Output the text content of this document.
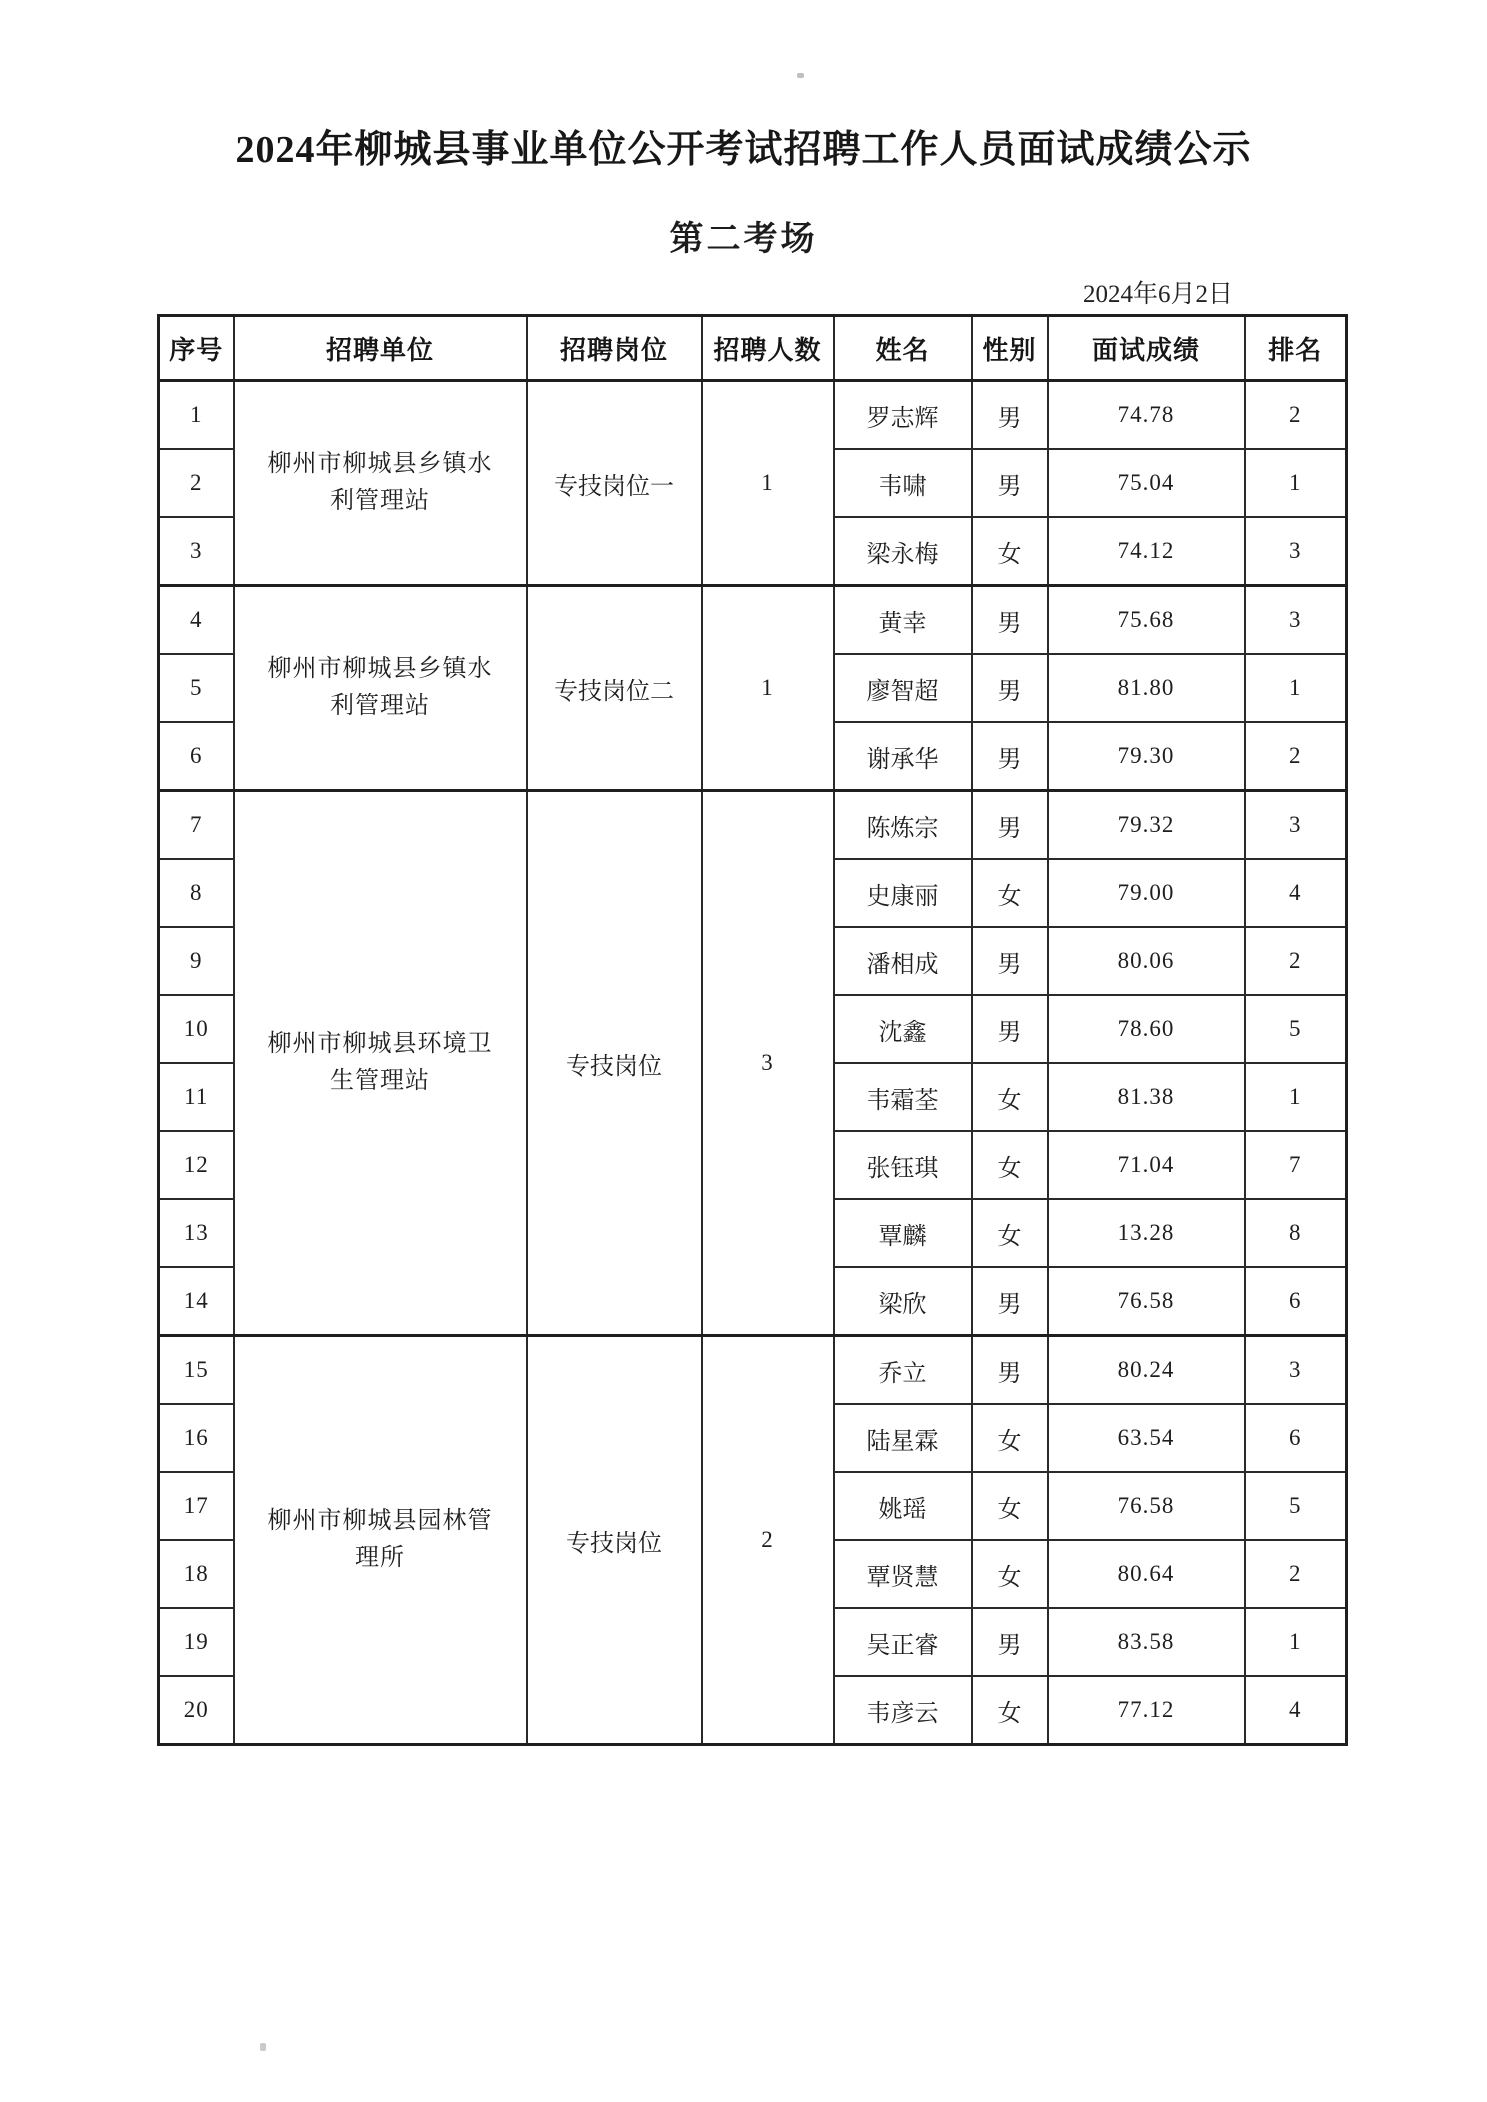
2024年柳城县事业单位公开考试招聘工作人员面试成绩公示
第二考场
2024年6月2日
序号	招聘单位	招聘岗位	招聘人数	姓名	性别	面试成绩	排名
1	柳州市柳城县乡镇水利管理站	专技岗位一	1	罗志辉	男	74.78	2
2				韦啸	男	75.04	1
3				梁永梅	女	74.12	3
4	柳州市柳城县乡镇水利管理站	专技岗位二	1	黄幸	男	75.68	3
5				廖智超	男	81.80	1
6				谢承华	男	79.30	2
7	柳州市柳城县环境卫生管理站	专技岗位	3	陈炼宗	男	79.32	3
8				史康丽	女	79.00	4
9				潘相成	男	80.06	2
10				沈鑫	男	78.60	5
11				韦霜荃	女	81.38	1
12				张钰琪	女	71.04	7
13				覃麟	女	13.28	8
14				梁欣	男	76.58	6
15	柳州市柳城县园林管理所	专技岗位	2	乔立	男	80.24	3
16				陆星霖	女	63.54	6
17				姚瑶	女	76.58	5
18				覃贤慧	女	80.64	2
19				吴正睿	男	83.58	1
20				韦彦云	女	77.12	4
